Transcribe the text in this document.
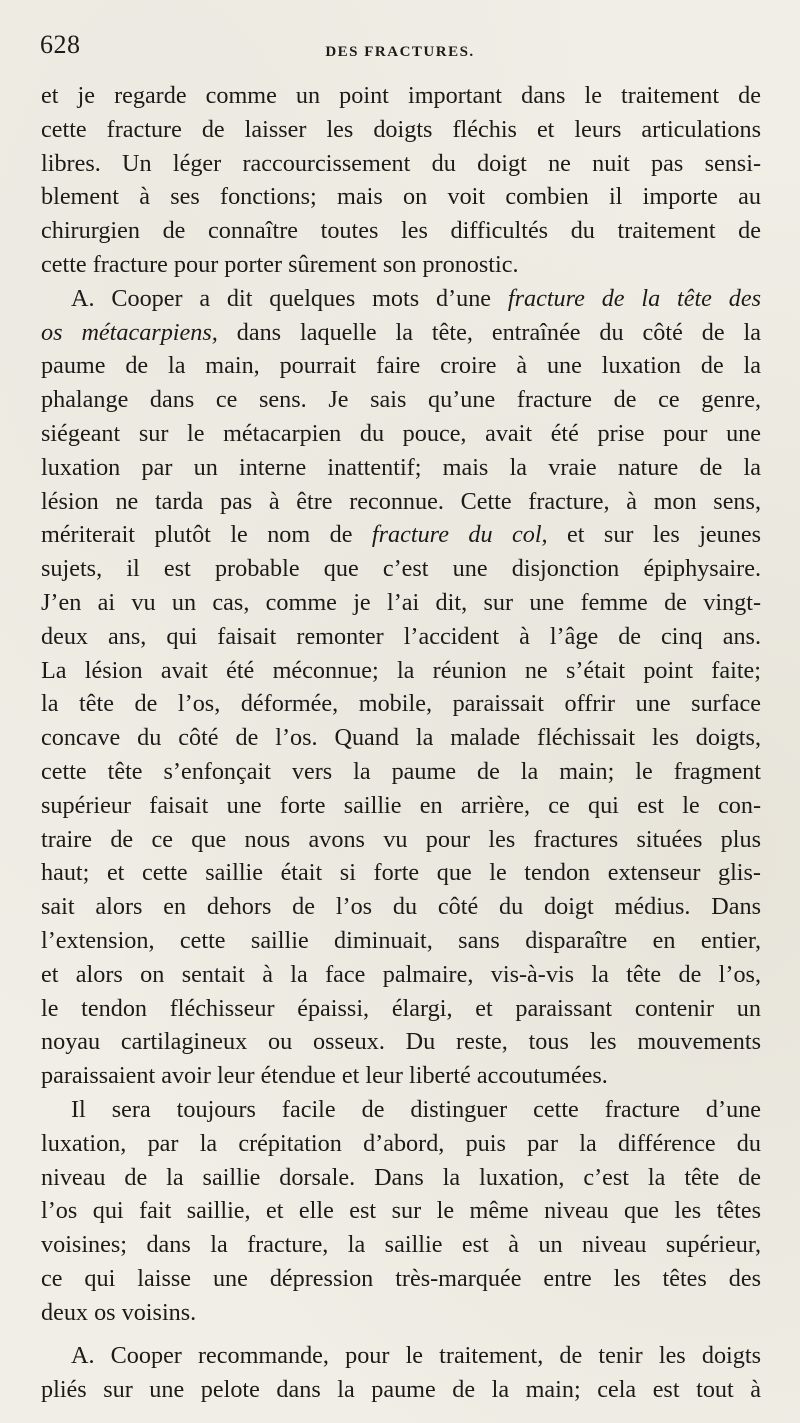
628	DES FRACTURES.
et je regarde comme un point important dans le traitement de
cette fracture de laisser les doigts fléchis et leurs articulations
libres. Un léger raccourcissement du doigt ne nuit pas sensi-
blement à ses fonctions; mais on voit combien il importe au
chirurgien de connaître toutes les difficultés du traitement de
cette fracture pour porter sûrement son pronostic.
A. Cooper a dit quelques mots d’une fracture de la tête des
os métacarpiens, dans laquelle la tête, entraînée du côté de la
paume de la main, pourrait faire croire à une luxation de la
phalange dans ce sens. Je sais qu’une fracture de ce genre,
siégeant sur le métacarpien du pouce, avait été prise pour une
luxation par un interne inattentif; mais la vraie nature de la
lésion ne tarda pas à être reconnue. Cette fracture, à mon sens,
mériterait plutôt le nom de fracture du col, et sur les jeunes
sujets, il est probable que c’est une disjonction épiphysaire.
J’en ai vu un cas, comme je l’ai dit, sur une femme de vingt-
deux ans, qui faisait remonter l’accident à l’âge de cinq ans.
La lésion avait été méconnue; la réunion ne s’était point faite;
la tête de l’os, déformée, mobile, paraissait offrir une surface
concave du côté de l’os. Quand la malade fléchissait les doigts,
cette tête s’enfonçait vers la paume de la main; le fragment
supérieur faisait une forte saillie en arrière, ce qui est le con-
traire de ce que nous avons vu pour les fractures situées plus
haut; et cette saillie était si forte que le tendon extenseur glis-
sait alors en dehors de l’os du côté du doigt médius. Dans
l’extension, cette saillie diminuait, sans disparaître en entier,
et alors on sentait à la face palmaire, vis-à-vis la tête de l’os,
le tendon fléchisseur épaissi, élargi, et paraissant contenir un
noyau cartilagineux ou osseux. Du reste, tous les mouvements
paraissaient avoir leur étendue et leur liberté accoutumées.
Il sera toujours facile de distinguer cette fracture d’une
luxation, par la crépitation d’abord, puis par la différence du
niveau de la saillie dorsale. Dans la luxation, c’est la tête de
l’os qui fait saillie, et elle est sur le même niveau que les têtes
voisines; dans la fracture, la saillie est à un niveau supérieur,
ce qui laisse une dépression très-marquée entre les têtes des
deux os voisins.
A. Cooper recommande, pour le traitement, de tenir les doigts
pliés sur une pelote dans la paume de la main; cela est tout à
